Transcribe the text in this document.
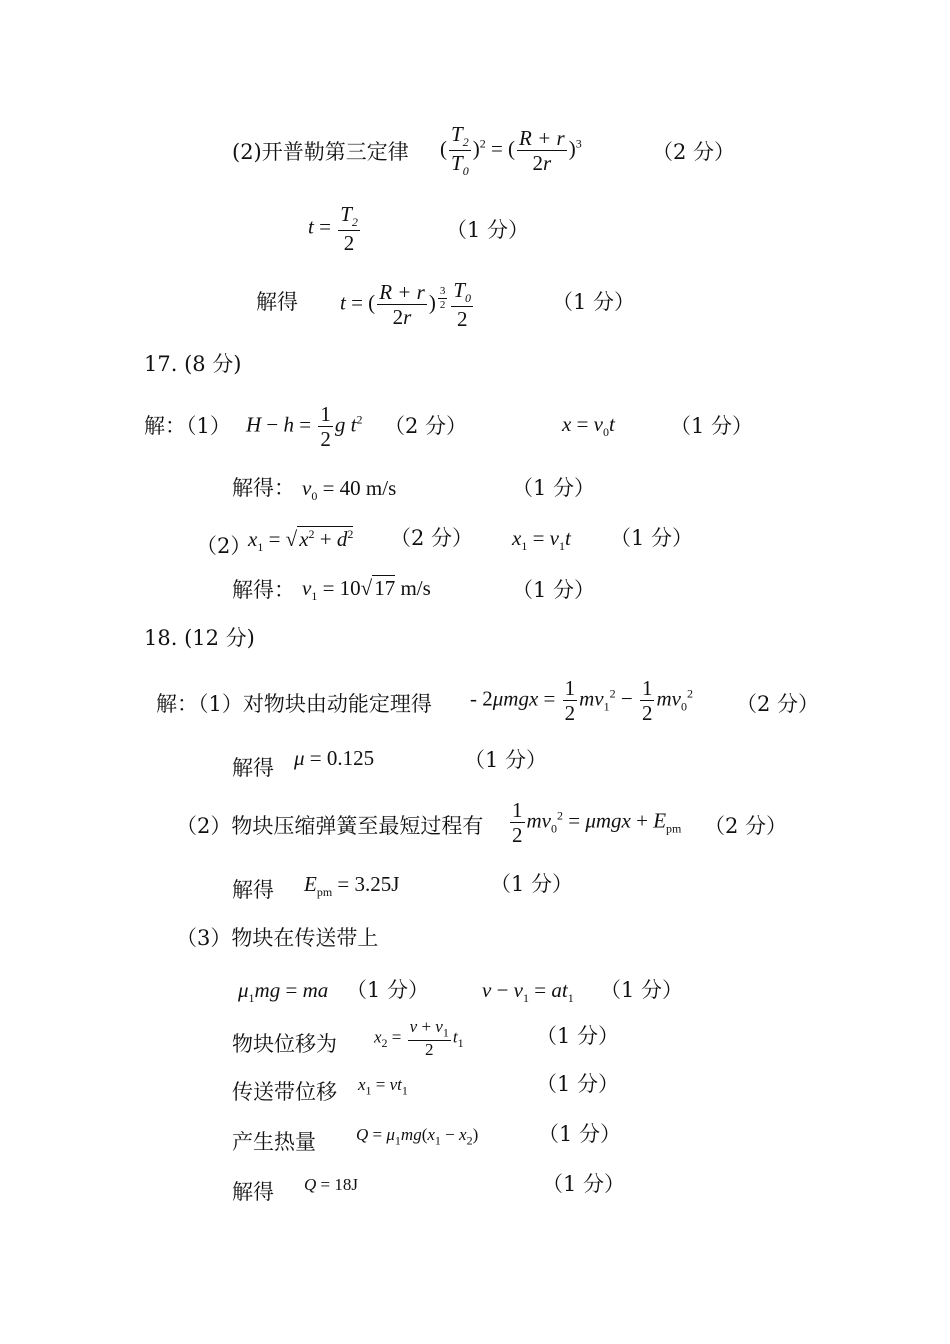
(2)开普勒第三定律 ( $\frac{T_2}{T_0} )^2$ = ( $\frac{R + r}{2r} )^3$	（2 分）
$t = \frac{T_2}{2}$	（1 分）
解得 t = ( $\frac{R + r}{2r}$ ) $^{\frac{3}{2}} \frac{T_0}{2}$	（1 分）
17. (8 分)
解：（1） $H - h = \frac{1}{2}$ g $t^2$ （2 分）	$x = v_0t$	（1 分）
解得： $v_0 = 40$ m/s	（1 分）
（2）
$x_1 = √x^2 + d^2$ （2 分） $x_1 = v_1t$ （1 分）
解得： $v_1 = 10√17$ m/s	（1 分）
18. (12 分)
解：（1）对物块由动能定理得 - $2\mu mgx = \frac{1}{2} mv_1^2 - \frac{1}{2} mv_0^2$ （2 分）
解得 μ = 0.125	（1 分）
（2）物块压缩弹簧至最短过程有 $\frac{1}{2} mv_0^2 = \mu mgx + E_{pm}$ （2 分）
解得 $E_{pm} = 3.25J$	（1 分）
（3）物块在传送带上
$\mu_1mg$ = ma （1 分）	$v - v_1 = at_1$ （1 分）
物块位移为 $x_2 = \frac{v + v_1}{2} t_1$	（1 分）
传送带位移 $x_1 = vt_1$	（1 分）
产生热量 $Q = \mu_1mg(x_1 - x_2)$	（1 分）
解得 Q = 18J	（1 分）
